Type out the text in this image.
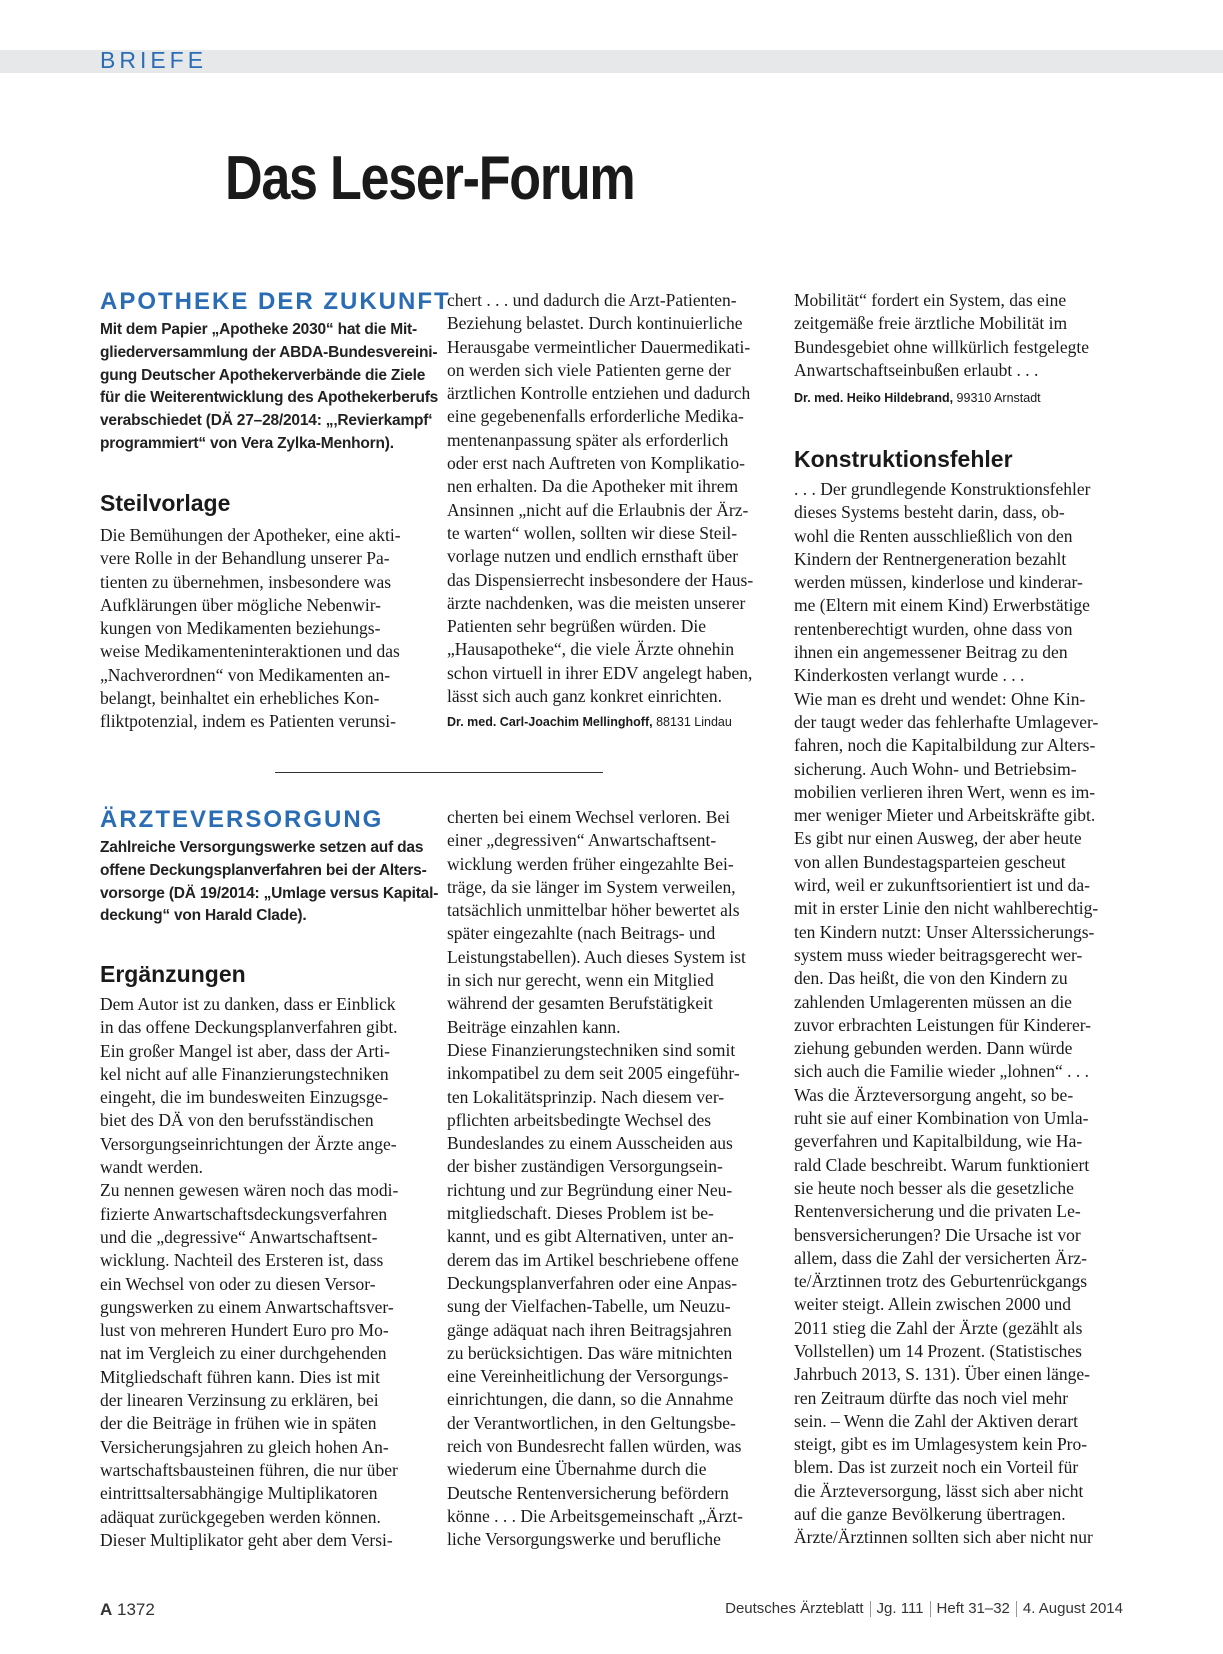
BRIEFE
Das Leser-Forum
APOTHEKE DER ZUKUNFT

Mit dem Papier „Apotheke 2030“ hat die Mit-
gliederversammlung der ABDA-Bundesvereini-
gung Deutscher Apothekerverbände die Ziele
für die Weiterentwicklung des Apothekerberufs
verabschiedet (DÄ 27–28/2014: „‚Revierkampf‘
programmiert“ von Vera Zylka-Menhorn).

Steilvorlage

Die Bemühungen der Apotheker, eine akti-
vere Rolle in der Behandlung unserer Pa-
tienten zu übernehmen, insbesondere was
Aufklärungen über mögliche Nebenwir-
kungen von Medikamenten beziehungs-
weise Medikamenteninteraktionen und das
„Nachverordnen“ von Medikamenten an-
belangt, beinhaltet ein erhebliches Kon-
fliktpotenzial, indem es Patienten verunsi-

chert . . . und dadurch die Arzt-Patienten-
Beziehung belastet. Durch kontinuierliche
Herausgabe vermeintlicher Dauermedikati-
on werden sich viele Patienten gerne der
ärztlichen Kontrolle entziehen und dadurch
eine gegebenenfalls erforderliche Medika-
mentenanpassung später als erforderlich
oder erst nach Auftreten von Komplikatio-
nen erhalten. Da die Apotheker mit ihrem
Ansinnen „nicht auf die Erlaubnis der Ärz-
te warten“ wollen, sollten wir diese Steil-
vorlage nutzen und endlich ernsthaft über
das Dispensierrecht insbesondere der Haus-
ärzte nachdenken, was die meisten unserer
Patienten sehr begrüßen würden. Die
„Hausapotheke“, die viele Ärzte ohnehin
schon virtuell in ihrer EDV angelegt haben,
lässt sich auch ganz konkret einrichten.

Dr. med. Carl-Joachim Mellinghoff, 88131 Lindau

Mobilität“ fordert ein System, das eine
zeitgemäße freie ärztliche Mobilität im
Bundesgebiet ohne willkürlich festgelegte
Anwartschaftseinbußen erlaubt . . .

Dr. med. Heiko Hildebrand, 99310 Arnstadt

Konstruktionsfehler

. . . Der grundlegende Konstruktionsfehler
dieses Systems besteht darin, dass, ob-
wohl die Renten ausschließlich von den
Kindern der Rentnergeneration bezahlt
werden müssen, kinderlose und kinderar-
me (Eltern mit einem Kind) Erwerbstätige
rentenberechtigt wurden, ohne dass von
ihnen ein angemessener Beitrag zu den
Kinderkosten verlangt wurde . . .
Wie man es dreht und wendet: Ohne Kin-
der taugt weder das fehlerhafte Umlagever-
fahren, noch die Kapitalbildung zur Alters-
sicherung. Auch Wohn- und Betriebsim-
mobilien verlieren ihren Wert, wenn es im-
mer weniger Mieter und Arbeitskräfte gibt.
Es gibt nur einen Ausweg, der aber heute
von allen Bundestagsparteien gescheut
wird, weil er zukunftsorientiert ist und da-
mit in erster Linie den nicht wahlberechtig-
ten Kindern nutzt: Unser Alterssicherungs-
system muss wieder beitragsgerecht wer-
den. Das heißt, die von den Kindern zu
zahlenden Umlagerenten müssen an die
zuvor erbrachten Leistungen für Kinderer-
ziehung gebunden werden. Dann würde
sich auch die Familie wieder „lohnen“ . . .
Was die Ärzteversorgung angeht, so be-
ruht sie auf einer Kombination von Umla-
geverfahren und Kapitalbildung, wie Ha-
rald Clade beschreibt. Warum funktioniert
sie heute noch besser als die gesetzliche
Rentenversicherung und die privaten Le-
bensversicherungen? Die Ursache ist vor
allem, dass die Zahl der versicherten Ärz-
te/Ärztinnen trotz des Geburtenrückgangs
weiter steigt. Allein zwischen 2000 und
2011 stieg die Zahl der Ärzte (gezählt als
Vollstellen) um 14 Prozent. (Statistisches
Jahrbuch 2013, S. 131). Über einen länge-
ren Zeitraum dürfte das noch viel mehr
sein. – Wenn die Zahl der Aktiven derart
steigt, gibt es im Umlagesystem kein Pro-
blem. Das ist zurzeit noch ein Vorteil für
die Ärzteversorgung, lässt sich aber nicht
auf die ganze Bevölkerung übertragen.
Ärzte/Ärztinnen sollten sich aber nicht nur

ÄRZTEVERSORGUNG

Zahlreiche Versorgungswerke setzen auf das
offene Deckungsplanverfahren bei der Alters-
vorsorge (DÄ 19/2014: „Umlage versus Kapital-
deckung“ von Harald Clade).

Ergänzungen

Dem Autor ist zu danken, dass er Einblick
in das offene Deckungsplanverfahren gibt.
Ein großer Mangel ist aber, dass der Arti-
kel nicht auf alle Finanzierungstechniken
eingeht, die im bundesweiten Einzugsge-
biet des DÄ von den berufsständischen
Versorgungseinrichtungen der Ärzte ange-
wandt werden.
Zu nennen gewesen wären noch das modi-
fizierte Anwartschaftsdeckungsverfahren
und die „degressive“ Anwartschaftsent-
wicklung. Nachteil des Ersteren ist, dass
ein Wechsel von oder zu diesen Versor-
gungswerken zu einem Anwartschaftsver-
lust von mehreren Hundert Euro pro Mo-
nat im Vergleich zu einer durchgehenden
Mitgliedschaft führen kann. Dies ist mit
der linearen Verzinsung zu erklären, bei
der die Beiträge in frühen wie in späten
Versicherungsjahren zu gleich hohen An-
wartschaftsbausteinen führen, die nur über
eintrittsaltersabhängige Multiplikatoren
adäquat zurückgegeben werden können.
Dieser Multiplikator geht aber dem Versi-

cherten bei einem Wechsel verloren. Bei
einer „degressiven“ Anwartschaftsent-
wicklung werden früher eingezahlte Bei-
träge, da sie länger im System verweilen,
tatsächlich unmittelbar höher bewertet als
später eingezahlte (nach Beitrags- und
Leistungstabellen). Auch dieses System ist
in sich nur gerecht, wenn ein Mitglied
während der gesamten Berufstätigkeit
Beiträge einzahlen kann.
Diese Finanzierungstechniken sind somit
inkompatibel zu dem seit 2005 eingeführ-
ten Lokalitätsprinzip. Nach diesem ver-
pflichten arbeitsbedingte Wechsel des
Bundeslandes zu einem Ausscheiden aus
der bisher zuständigen Versorgungsein-
richtung und zur Begründung einer Neu-
mitgliedschaft. Dieses Problem ist be-
kannt, und es gibt Alternativen, unter an-
derem das im Artikel beschriebene offene
Deckungsplanverfahren oder eine Anpas-
sung der Vielfachen-Tabelle, um Neuzu-
gänge adäquat nach ihren Beitragsjahren
zu berücksichtigen. Das wäre mitnichten
eine Vereinheitlichung der Versorgungs-
einrichtungen, die dann, so die Annahme
der Verantwortlichen, in den Geltungsbe-
reich von Bundesrecht fallen würden, was
wiederum eine Übernahme durch die
Deutsche Rentenversicherung befördern
könne . . . Die Arbeitsgemeinschaft „Ärzt-
liche Versorgungswerke und berufliche

A 1372	Deutsches Ärzteblatt Jg. 111 Heft 31–32 4. August 2014
